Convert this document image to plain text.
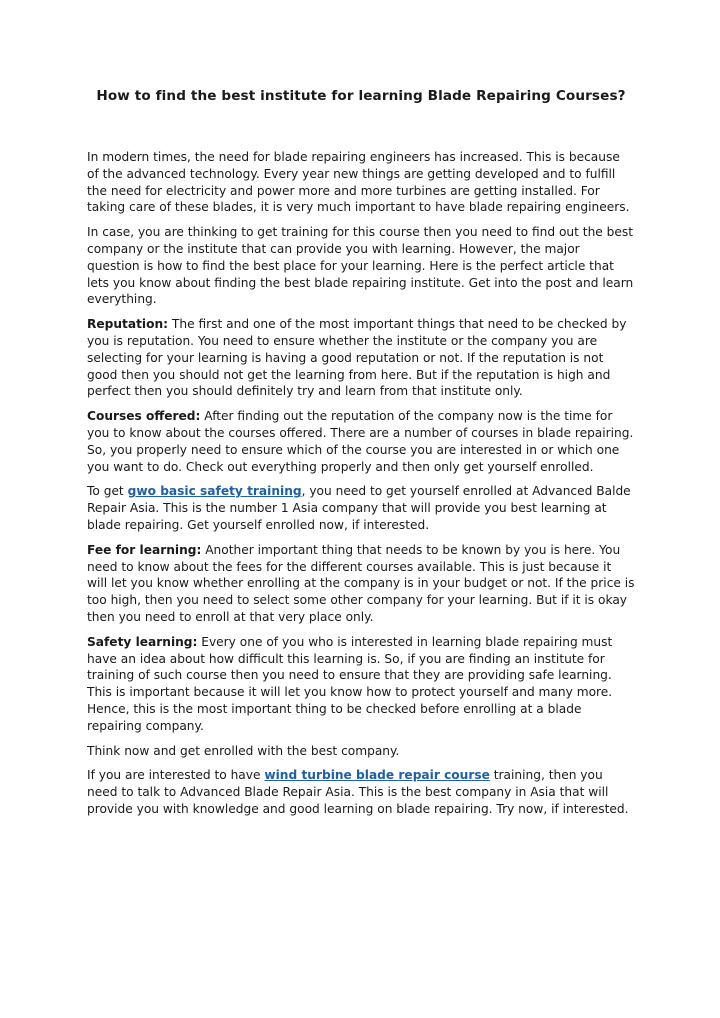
How to find the best institute for learning Blade Repairing Courses?

In modern times, the need for blade repairing engineers has increased. This is because of the advanced technology. Every year new things are getting developed and to fulfill the need for electricity and power more and more turbines are getting installed. For taking care of these blades, it is very much important to have blade repairing engineers.

In case, you are thinking to get training for this course then you need to find out the best company or the institute that can provide you with learning. However, the major question is how to find the best place for your learning. Here is the perfect article that lets you know about finding the best blade repairing institute. Get into the post and learn everything.

Reputation: The first and one of the most important things that need to be checked by you is reputation. You need to ensure whether the institute or the company you are selecting for your learning is having a good reputation or not. If the reputation is not good then you should not get the learning from here. But if the reputation is high and perfect then you should definitely try and learn from that institute only.

Courses offered: After finding out the reputation of the company now is the time for you to know about the courses offered. There are a number of courses in blade repairing. So, you properly need to ensure which of the course you are interested in or which one you want to do. Check out everything properly and then only get yourself enrolled.

To get gwo basic safety training, you need to get yourself enrolled at Advanced Balde Repair Asia. This is the number 1 Asia company that will provide you best learning at blade repairing. Get yourself enrolled now, if interested.

Fee for learning: Another important thing that needs to be known by you is here. You need to know about the fees for the different courses available. This is just because it will let you know whether enrolling at the company is in your budget or not. If the price is too high, then you need to select some other company for your learning. But if it is okay then you need to enroll at that very place only.

Safety learning: Every one of you who is interested in learning blade repairing must have an idea about how difficult this learning is. So, if you are finding an institute for training of such course then you need to ensure that they are providing safe learning. This is important because it will let you know how to protect yourself and many more. Hence, this is the most important thing to be checked before enrolling at a blade repairing company.

Think now and get enrolled with the best company.

If you are interested to have wind turbine blade repair course training, then you need to talk to Advanced Blade Repair Asia. This is the best company in Asia that will provide you with knowledge and good learning on blade repairing. Try now, if interested.
